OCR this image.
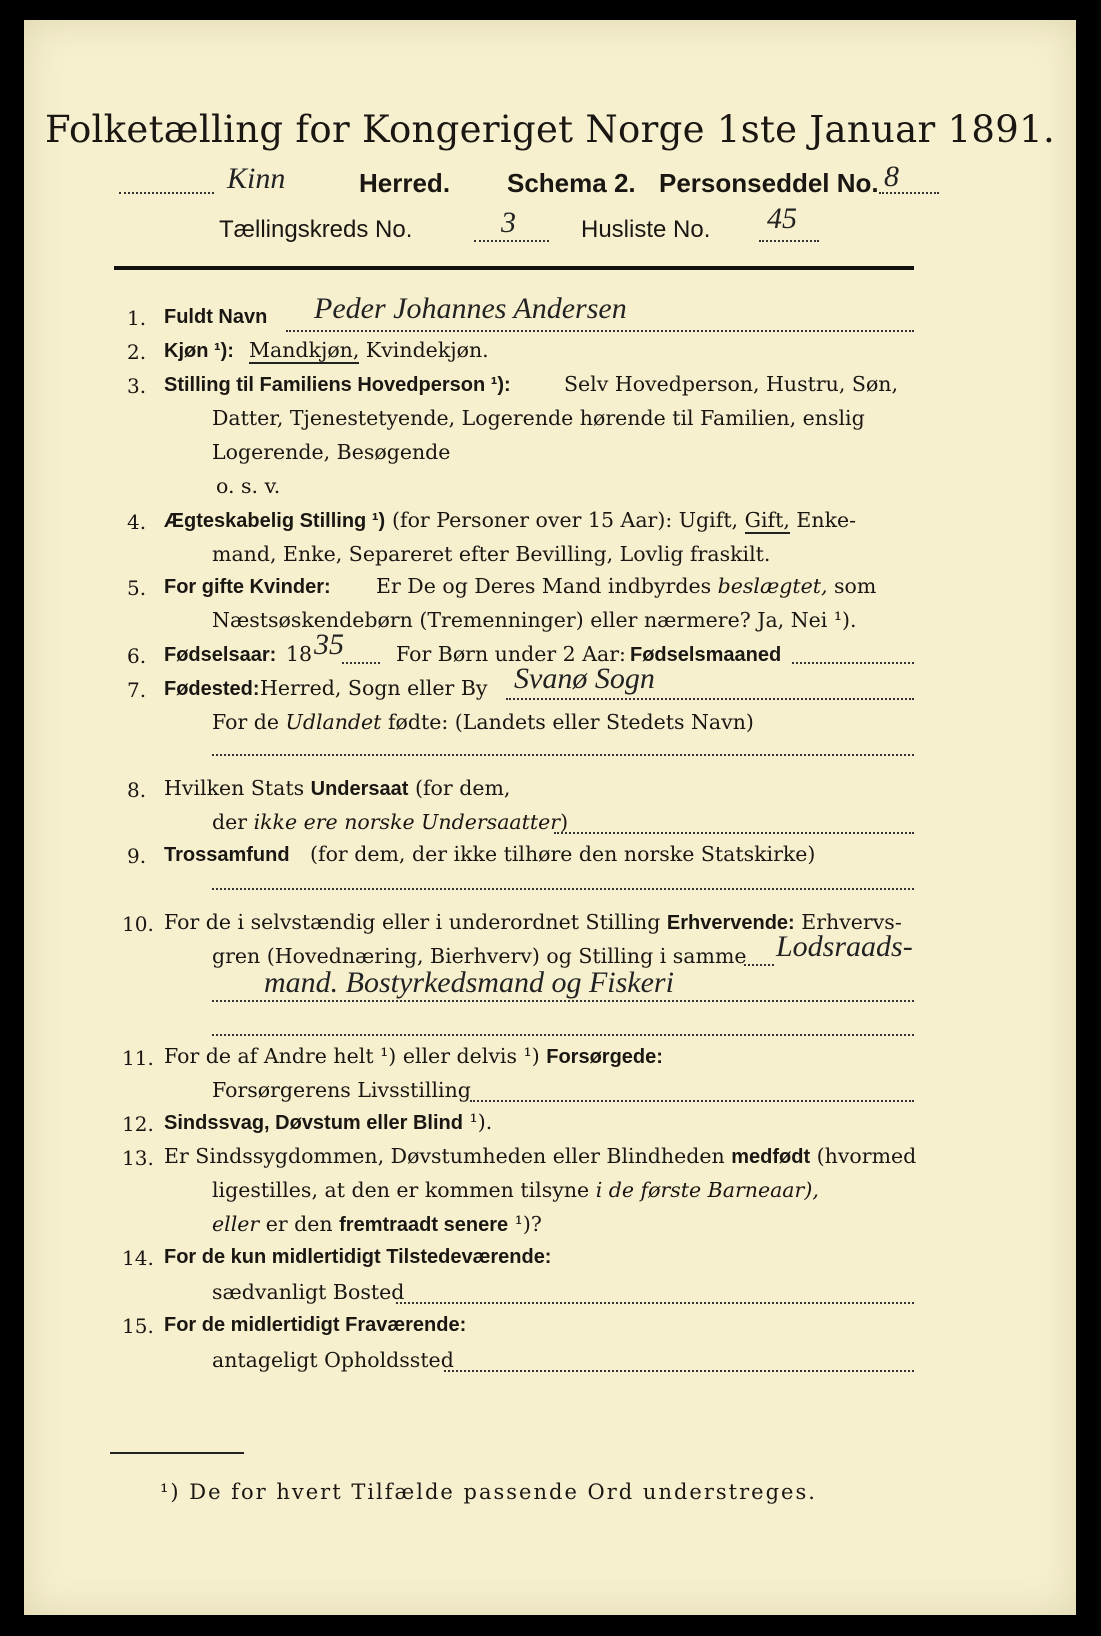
Folketælling for Kongeriget Norge 1ste Januar 1891.
Kinn	Herred. Schema 2. Personseddel No. 8
Tællingskreds No.	3	Husliste No. 45
1. Fuldt Navn Peder Johannes Andersen
2. Kjøn ¹): Mandkjøn, Kvindekjøn.
3. Stilling til Familiens Hovedperson ¹):	Selv Hovedperson, Hustru, Søn,
Datter, Tjenestetyende, Logerende hørende til Familien, enslig
Logerende, Besøgende
o. s. v.
4. Ægteskabelig Stilling ¹) (for Personer over 15 Aar): Ugift, Gift, Enke-
mand, Enke, Separeret efter Bevilling, Lovlig fraskilt.
5. For gifte Kvinder: Er De og Deres Mand indbyrdes beslægtet, som
Næstsøskendebørn (Tremenninger) eller nærmere? Ja, Nei ¹).
6. Fødselsaar: 18 35	For Børn under 2 Aar: Fødselsmaaned
7. Fødested: Herred, Sogn eller By Svanø Sogn
For de Udlandet fødte: (Landets eller Stedets Navn)
8. Hvilken Stats Undersaat (for dem,
der ikke ere norske Undersaatter)
9. Trossamfund (for dem, der ikke tilhøre den norske Statskirke)
10. For de i selvstændig eller i underordnet Stilling Erhvervende: Erhvervs-
gren (Hovednæring, Bierhverv) og Stilling i samme Lodsraads-
mand. Bostyrkedsmand og Fiskeri
11. For de af Andre helt ¹) eller delvis ¹) Forsørgede:
Forsørgerens Livsstilling
12. Sindssvag, Døvstum eller Blind ¹).
13. Er Sindssygdommen, Døvstumheden eller Blindheden medfødt (hvormed
ligestilles, at den er kommen tilsyne i de første Barneaar),
eller er den fremtraadt senere ¹)?
14. For de kun midlertidigt Tilstedeværende:
sædvanligt Bosted
15. For de midlertidigt Fraværende:
antageligt Opholdssted
¹) De for hvert Tilfælde passende Ord understreges.
